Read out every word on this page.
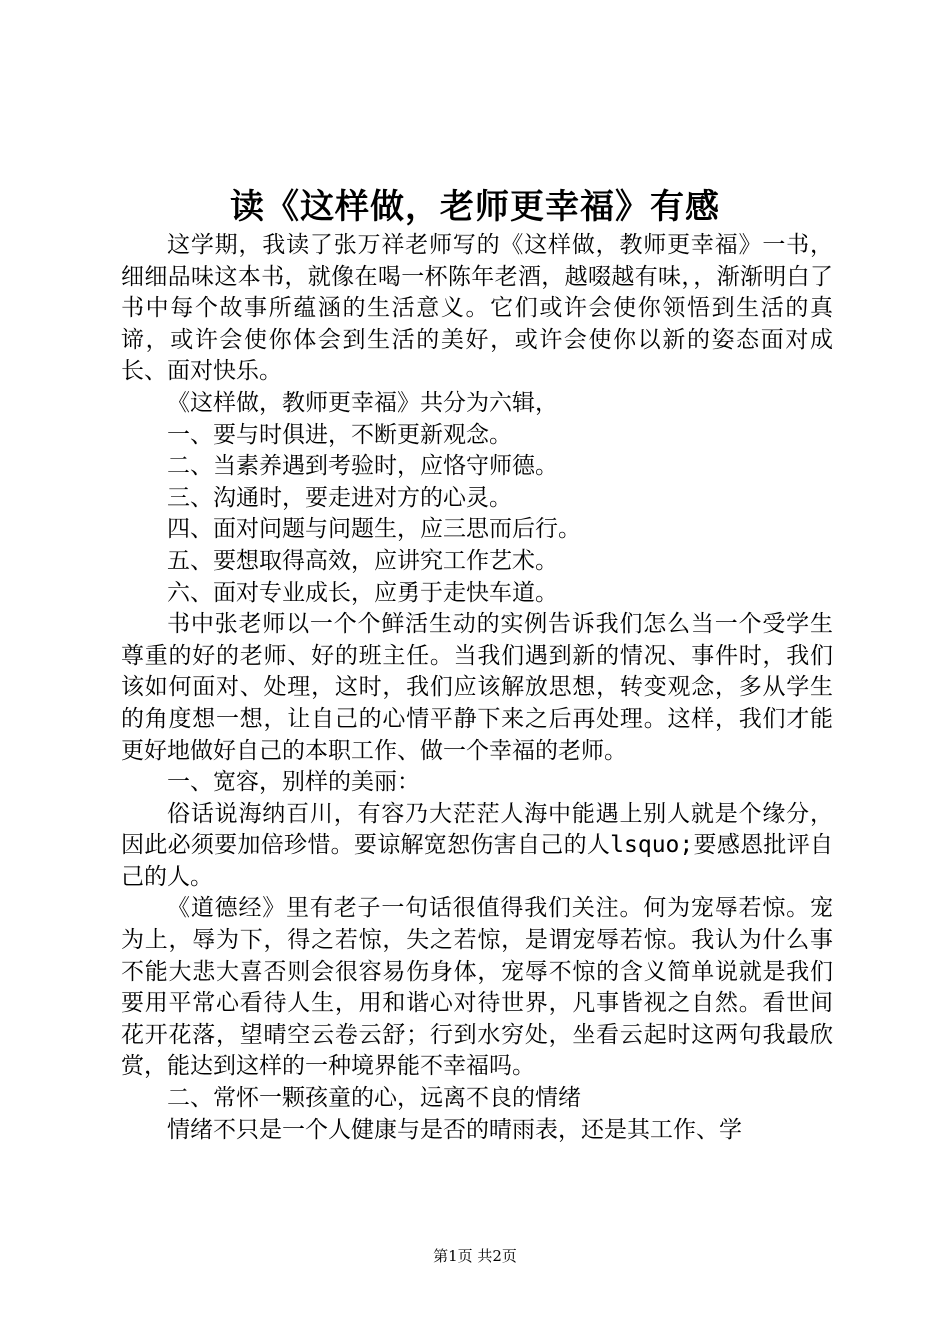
读《这样做，老师更幸福》有感

这学期，我读了张万祥老师写的《这样做，教师更幸福》一书，细细品味这本书，就像在喝一杯陈年老酒，越啜越有味，，渐渐明白了书中每个故事所蕴涵的生活意义。它们或许会使你领悟到生活的真谛，或许会使你体会到生活的美好，或许会使你以新的姿态面对成长、面对快乐。

《这样做，教师更幸福》共分为六辑，

一、要与时俱进，不断更新观念。

二、当素养遇到考验时，应恪守师德。

三、沟通时，要走进对方的心灵。

四、面对问题与问题生，应三思而后行。

五、要想取得高效，应讲究工作艺术。

六、面对专业成长，应勇于走快车道。

书中张老师以一个个鲜活生动的实例告诉我们怎么当一个受学生尊重的好的老师、好的班主任。当我们遇到新的情况、事件时，我们该如何面对、处理，这时，我们应该解放思想，转变观念，多从学生的角度想一想，让自己的心情平静下来之后再处理。这样，我们才能更好地做好自己的本职工作、做一个幸福的老师。

一、宽容，别样的美丽：

俗话说海纳百川，有容乃大茫茫人海中能遇上别人就是个缘分，因此必须要加倍珍惜。要谅解宽恕伤害自己的人lsquo;要感恩批评自己的人。

《道德经》里有老子一句话很值得我们关注。何为宠辱若惊。宠为上，辱为下，得之若惊，失之若惊，是谓宠辱若惊。我认为什么事不能大悲大喜否则会很容易伤身体，宠辱不惊的含义简单说就是我们要用平常心看待人生，用和谐心对待世界，凡事皆视之自然。看世间花开花落，望晴空云卷云舒；行到水穷处，坐看云起时这两句我最欣赏，能达到这样的一种境界能不幸福吗。

二、常怀一颗孩童的心，远离不良的情绪

情绪不只是一个人健康与是否的晴雨表，还是其工作、学

第1页 共2页
